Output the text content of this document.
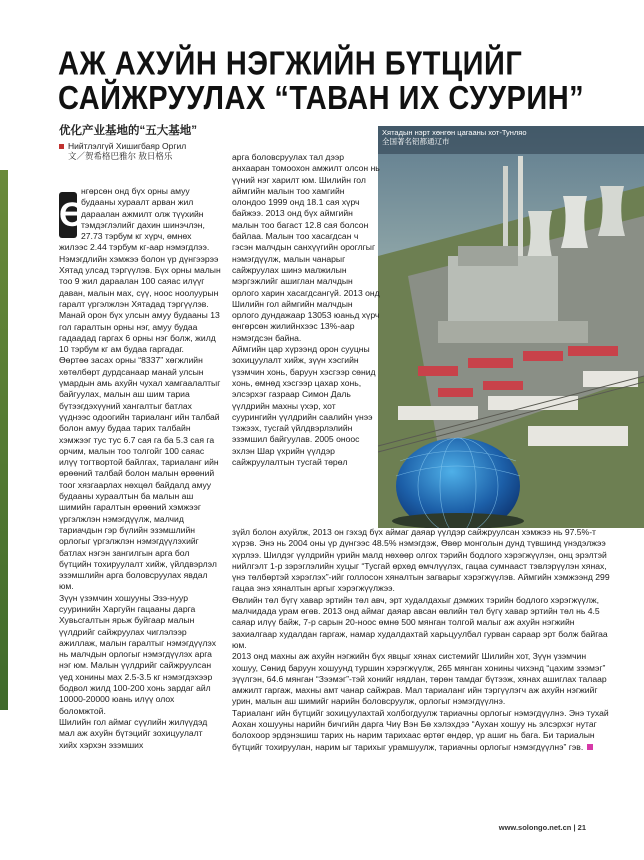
АЖ АХУЙН НЭГЖИЙН БҮТЦИЙГ
САЙЖРУУЛАХ “ТАВАН ИХ СУУРИН”
优化产业基地的“五大基地”
Нийтлэлгүй Хишигбаяр Оргил
文／贺希格巴雅尔 敖日格乐
Хятадын нэрт хөнгөн цагааны хот-Тунляо
全国著名铝都通辽市
Ө

нгөрсөн онд бүх орны амуу будааны хураалт арван жил дараалан ажмилт олж түүхийн тэмдэглэлийг дахин шинэчлэн, 27.73 тэрбум кг хүрч, өмнөх жилээс 2.44 тэрбум кг-аар нэмэгдлээ. Нэмэгдлийн хэмжээ болон үр дүнгээрээ Хятад улсад тэргүүлэв. Бүх орны малын тоо 9 жил дараалан 100 саяас илүүг даван, малын мах, сүү, ноос ноолуурын гаралт үргэлжлэн Хятадад тэргүүлэв. Манай орон бүх улсын амуу будааны 13 гол гаралтын орны нэг, амуу будаа гадаадад гаргах 6 орны нэг болж, жилд 10 тэрбум кг ам будаа гаргадаг.
Өөртөө засах орны “8337” хөгжлийн хөтөлбөрт дурдсанаар манай улсын үмардын амь ахуйн чухал хамгаалалтыг байгуулах, малын аш шим тариа бүтээгдэхүүний хангалтыг батлах үүднээс одоогийн тариаланг ийн талбай болон амуу будаа тарих талбайн хэмжээг тус тус 6.7 сая га ба 5.3 сая га орчим, малын тоо толгойг 100 саяас илүү тогтвортой байлгах, тариаланг ийн өрөөний талбай болон малын өрөөний тоог хязгаарлах нөхцөл байдалд амуу будааны хураалтын ба малын аш шимийн гаралтын өрөөний хэмжээг үргэлжлэн нэмэгдүүлж, малчид тариачдын гэр бүлийн эзэмшлийн орлогыг үргэлжлэн нэмэгдүүлэхийг батлах нэгэн зангилгын арга бол бүтцийн тохируулалт хийж, үйлдвэрлэл эзэмшлийн арга боловсруулах явдал юм.
Зүүн үзэмчин хошууны Эзэ-нуур сууринийн Харгуйн гацааны дарга Хувьсгалтын ярьж буйгаар малын үүлдрийг сайжруулах чиглэлээр ажиллаж, малын гаралтыг нэмэгдүүлэх нь малчдын орлогыг нэмэгдүүлэх арга нэг юм. Малын үүлдрийг сайжруулсан үед хонины мах 2.5-3.5 кг нэмэгдэхээр бодвол жилд 100-200 хонь зардаг айл 10000-20000 юань илүү олох боломжтой.
Шилийн гол аймаг сүүлийн жилүүдэд мал аж ахуйн бүтэцийг зохицуулалт хийх хэрхэн эзэмших

арга боловсруулах тал дээр анхааран томоохон амжилт олсон нь үүний нэг харилт юм. Шилийн гол аймгийн малын тоо хамгийн олондоо 1999 онд 18.1 сая хүрч байжээ. 2013 онд бүх аймгийн малын тоо багаст 12.8 сая болсон байлаа. Малын тоо хасагдсан ч гэсэн малчдын санхүүгийн ороглгыг нэмэгдүүлж, малын чанарыг сайжруулах шинэ малжилын мэргэжлийг ашиглан малчдын орлого харин хасагдсангүй. 2013 онд Шилийн гол аймгийн малчдын орлого дундажаар 13053 юаньд хүрч өнгөрсөн жилийнхээс 13%-аар нэмэгдсэн байна.
Аймгийн цар хүрээнд орон сууцны зохицуулалт хийж, зүүн хэсгийн үзэмчин хонь, баруун хэсгээр сөнид хонь, өмнөд хэсгээр цахар хонь, элсэрхэг газраар Симон Даль үүлдрийн махны үхэр, хот суурингийн үүлдрийн саалийн үнээ тэжээх, тусгай үйлдвэрлэлийн эзэмшил байгуулав. 2005 оноос эхлэн Шар үхрийн үүлдэр сайжруулалтын тусгай төрөл

зүйл болон ахуйлж, 2013 он гэхэд бүх аймаг даяар үүлдэр сайжруулсан хэмжээ нь 97.5%-т хүрэв. Энэ нь 2004 оны үр дүнгээс 48.5% нэмэгдэж, Өвөр монголын дунд түвшинд үнэдэлжээ хүрлээ. Шилдэг үүлдрийн үрийн малд нөхөөр олгох тэрийн бодлого хэрэгжүүлэн, онц эрэлтэй нийлгэлт 1-р зэрэглэлийн хуцыг “Тусгай өрхөд өмчлүүлэх, гацаа сумнааст тэвлэрүүлэн хянах, үнэ төлбөртэй хэрэглэх”-ийг голлосон хяналтын загварыг хэрэгжүүлэв. Аймгийн хэмжээнд 299 гацаа энэ хяналтын аргыг хэрэгжүүлжээ.
Өвлийн төл бүгү хавар эртийн төл авч, эрт худалдахыг дэмжих тэрийн бодлого хэрэгжүүлж, малчидада урам өгөв. 2013 онд аймаг даяар авсан өвлийн төл бүгү хавар эртийн төл нь 4.5 саяар илүү байж, 7-р сарын 20-ноос өмнө 500 мянган толгой малыг аж ахуйн нэгжийн захиалгаар худалдан гаргаж, намар худалдахтай харьцуулбал гурван сараар эрт болж байгаа юм.
2013 онд махны аж ахуйн нэгжийн бүх явцыг хянах системийг Шилийн хот, Зүүн үзэмчин хошуу, Сөнид баруун хошуунд туршин хэрэгжүүлж, 265 мянган хонины чихэнд “цахим зээмэг” зүүлгэн, 64.6 мянган “Зээмэг”-тэй хонийг нядлан, төрөн тамдаг бүтээж, хянах ашиглах талаар амжилт гаргаж, махны амт чанар сайжрав. Мал тариаланг ийн тэргүүлэгч аж ахуйн нэгжийг урин, малын аш шимийг нарийн боловсруулж, орлогыг нэмэгдүүлнэ.
Тариаланг ийн бүтцийг зохицуулахтай холбогдуулж тариачны орлогыг нэмэгдүүлнэ. Энэ тухай Аохан хошууны нарийн бичгийн дарга Чиү Вэн Бө хэлэхдээ “Аухан хошуу нь элсэрхэг нутаг болохоор эрдэнэшиш тарих нь нарим тарихаас өртөг өндөр, үр ашиг нь бага. Би тариалын бүтцийг тохируулан, нарим ыг тарихыг урамшуулж, тариачны орлогыг нэмэгдүүлнэ” гэв.

www.solongo.net.cn | 21
